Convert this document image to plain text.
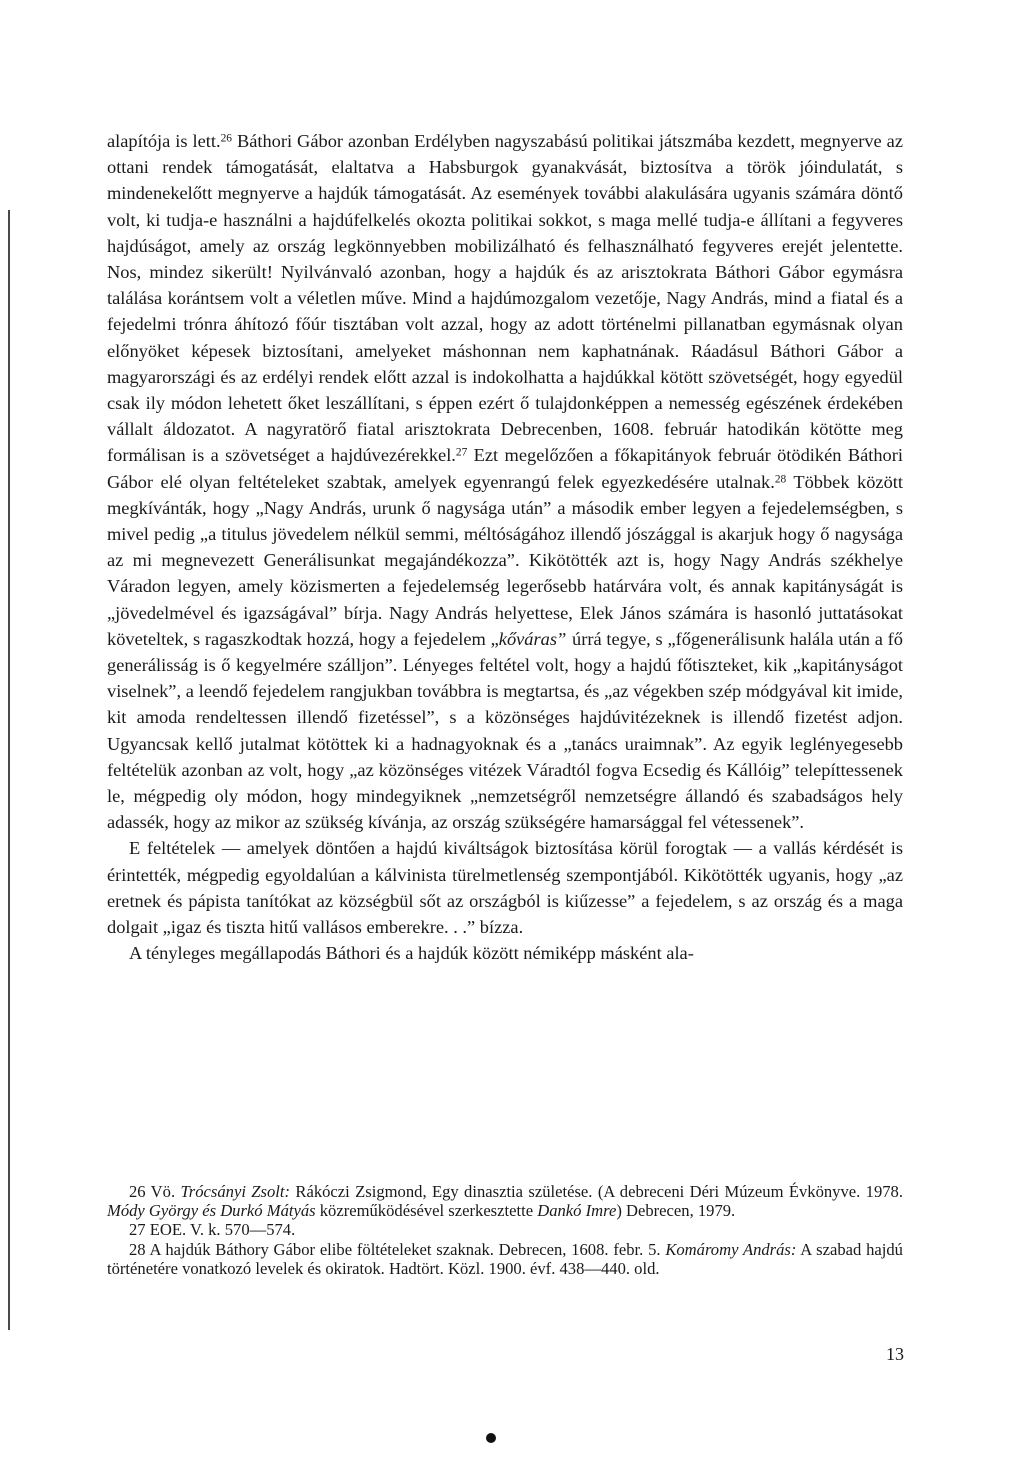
alapítója is lett.$^{26}$ Báthori Gábor azonban Erdélyben nagyszabású politikai játszmába kezdett, megnyerve az ottani rendek támogatását, elaltatva a Habsburgok gyanakvását, biztosítva a török jóindulatát, s mindenekelőtt megnyerve a hajdúk támogatását. Az események további alakulására ugyanis számára döntő volt, ki tudja-e használni a hajdúfelkelés okozta politikai sokkot, s maga mellé tudja-e állítani a fegyveres hajdúságot, amely az ország legkönnyebben mobilizálható és felhasználható fegyveres erejét jelentette. Nos, mindez sikerült! Nyilvánvaló azonban, hogy a hajdúk és az arisztokrata Báthori Gábor egymásra találása korántsem volt a véletlen műve. Mind a hajdúmozgalom vezetője, Nagy András, mind a fiatal és a fejedelmi trónra áhítozó főúr tisztában volt azzal, hogy az adott történelmi pillanatban egymásnak olyan előnyöket képesek biztosítani, amelyeket máshonnan nem kaphatnának. Ráadásul Báthori Gábor a magyarországi és az erdélyi rendek előtt azzal is indokolhatta a hajdúkkal kötött szövetségét, hogy egyedül csak ily módon lehetett őket leszállítani, s éppen ezért ő tulajdonképpen a nemesség egészének érdekében vállalt áldozatot. A nagyratörő fiatal arisztokrata Debrecenben, 1608. február hatodikán kötötte meg formálisan is a szövetséget a hajdúvezérekkel.$^{27}$ Ezt megelőzően a főkapitányok február ötödikén Báthori Gábor elé olyan feltételeket szabtak, amelyek egyenrangú felek egyezkedésére utalnak.$^{28}$ Többek között megkívánták, hogy „Nagy András, urunk ő nagysága után” a második ember legyen a fejedelemségben, s mivel pedig „a titulus jövedelem nélkül semmi, méltóságához illendő jószággal is akarjuk hogy ő nagysága az mi megnevezett Generálisunkat megajándékozza”. Kikötötték azt is, hogy Nagy András székhelye Váradon legyen, amely közismerten a fejedelemség legerősebb határvára volt, és annak kapitányságát is „jövedelmével és igazságával” bírja. Nagy András helyettese, Elek János számára is hasonló juttatásokat követeltek, s ragaszkodtak hozzá, hogy a fejedelem „kővárasˮ úrrá tegye, s „főgenerálisunk halála után a fő generálisság is ő kegyelmére szálljon”. Lényeges feltétel volt, hogy a hajdú főtiszteket, kik „kapitányságot viselnek”, a leendő fejedelem rangjukban továbbra is megtartsa, és „az végekben szép módgyával kit imide, kit amoda rendeltessen illendő fizetéssel”, s a közönséges hajdúvitézeknek is illendő fizetést adjon. Ugyancsak kellő jutalmat kötöttek ki a hadnagyoknak és a „tanács uraimnak”. Az egyik leglényegesebb feltételük azonban az volt, hogy „az közönséges vitézek Váradtól fogva Ecsedig és Kállóig” telepíttessenek le, mégpedig oly módon, hogy mindegyiknek „nemzetségről nemzetségre állandó és szabadságos hely adassék, hogy az mikor az szükség kívánja, az ország szükségére hamarsággal fel vétessenek”.

E feltételek — amelyek döntően a hajdú kiváltságok biztosítása körül forogtak — a vallás kérdését is érintették, mégpedig egyoldalúan a kálvinista türelmetlenség szempontjából. Kikötötték ugyanis, hogy „az eretnek és pápista tanítókat az községbül sőt az országból is kiűzesse” a fejedelem, s az ország és a maga dolgait „igaz és tiszta hitű vallásos emberekre. . .” bízza.

A tényleges megállapodás Báthori és a hajdúk között némiképp másként ala-

26 Vö. Trócsányi Zsolt: Rákóczi Zsigmond, Egy dinasztia születése. (A debreceni Déri Múzeum Évkönyve. 1978. Módy György és Durkó Mátyás közreműködésével szerkesztette Dankó Imre) Debrecen, 1979.

27 EOE. V. k. 570—574.

28 A hajdúk Báthory Gábor elibe föltételeket szaknak. Debrecen, 1608. febr. 5. Komáromy András: A szabad hajdú történetére vonatkozó levelek és okiratok. Hadtört. Közl. 1900. évf. 438—440. old.

13
